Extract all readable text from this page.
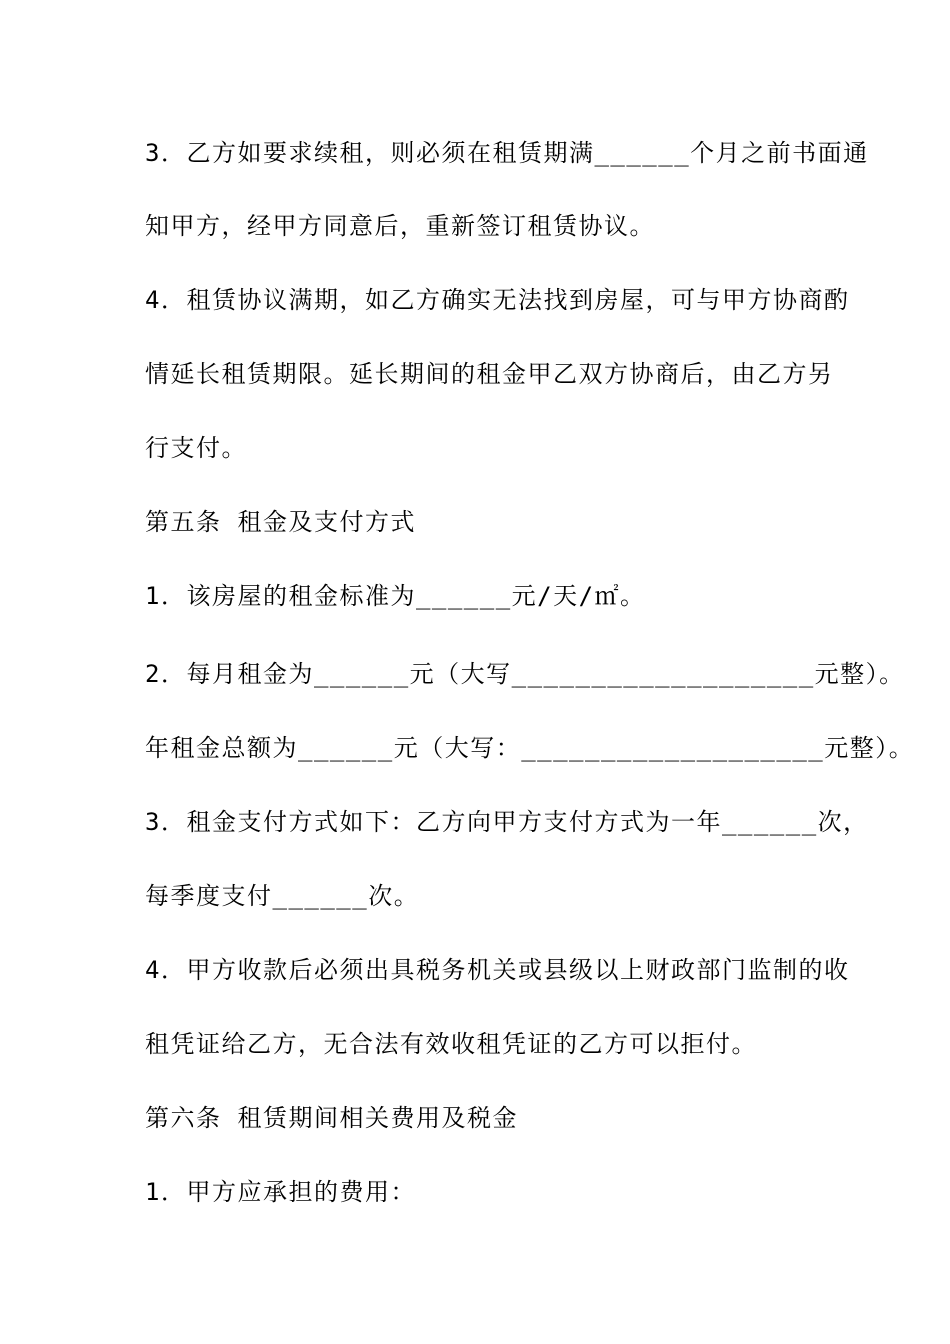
3．乙方如要求续租，则必须在租赁期满______个月之前书面通
知甲方，经甲方同意后，重新签订租赁协议。
4．租赁协议满期，如乙方确实无法找到房屋，可与甲方协商酌
情延长租赁期限。延长期间的租金甲乙双方协商后，由乙方另
行支付。
第五条 租金及支付方式
1．该房屋的租金标准为______元/天/㎡。
2．每月租金为______元（大写___________________元整）。
年租金总额为______元（大写：___________________元整）。
3．租金支付方式如下：乙方向甲方支付方式为一年______次，
每季度支付______次。
4．甲方收款后必须出具税务机关或县级以上财政部门监制的收
租凭证给乙方，无合法有效收租凭证的乙方可以拒付。
第六条 租赁期间相关费用及税金
1．甲方应承担的费用：
